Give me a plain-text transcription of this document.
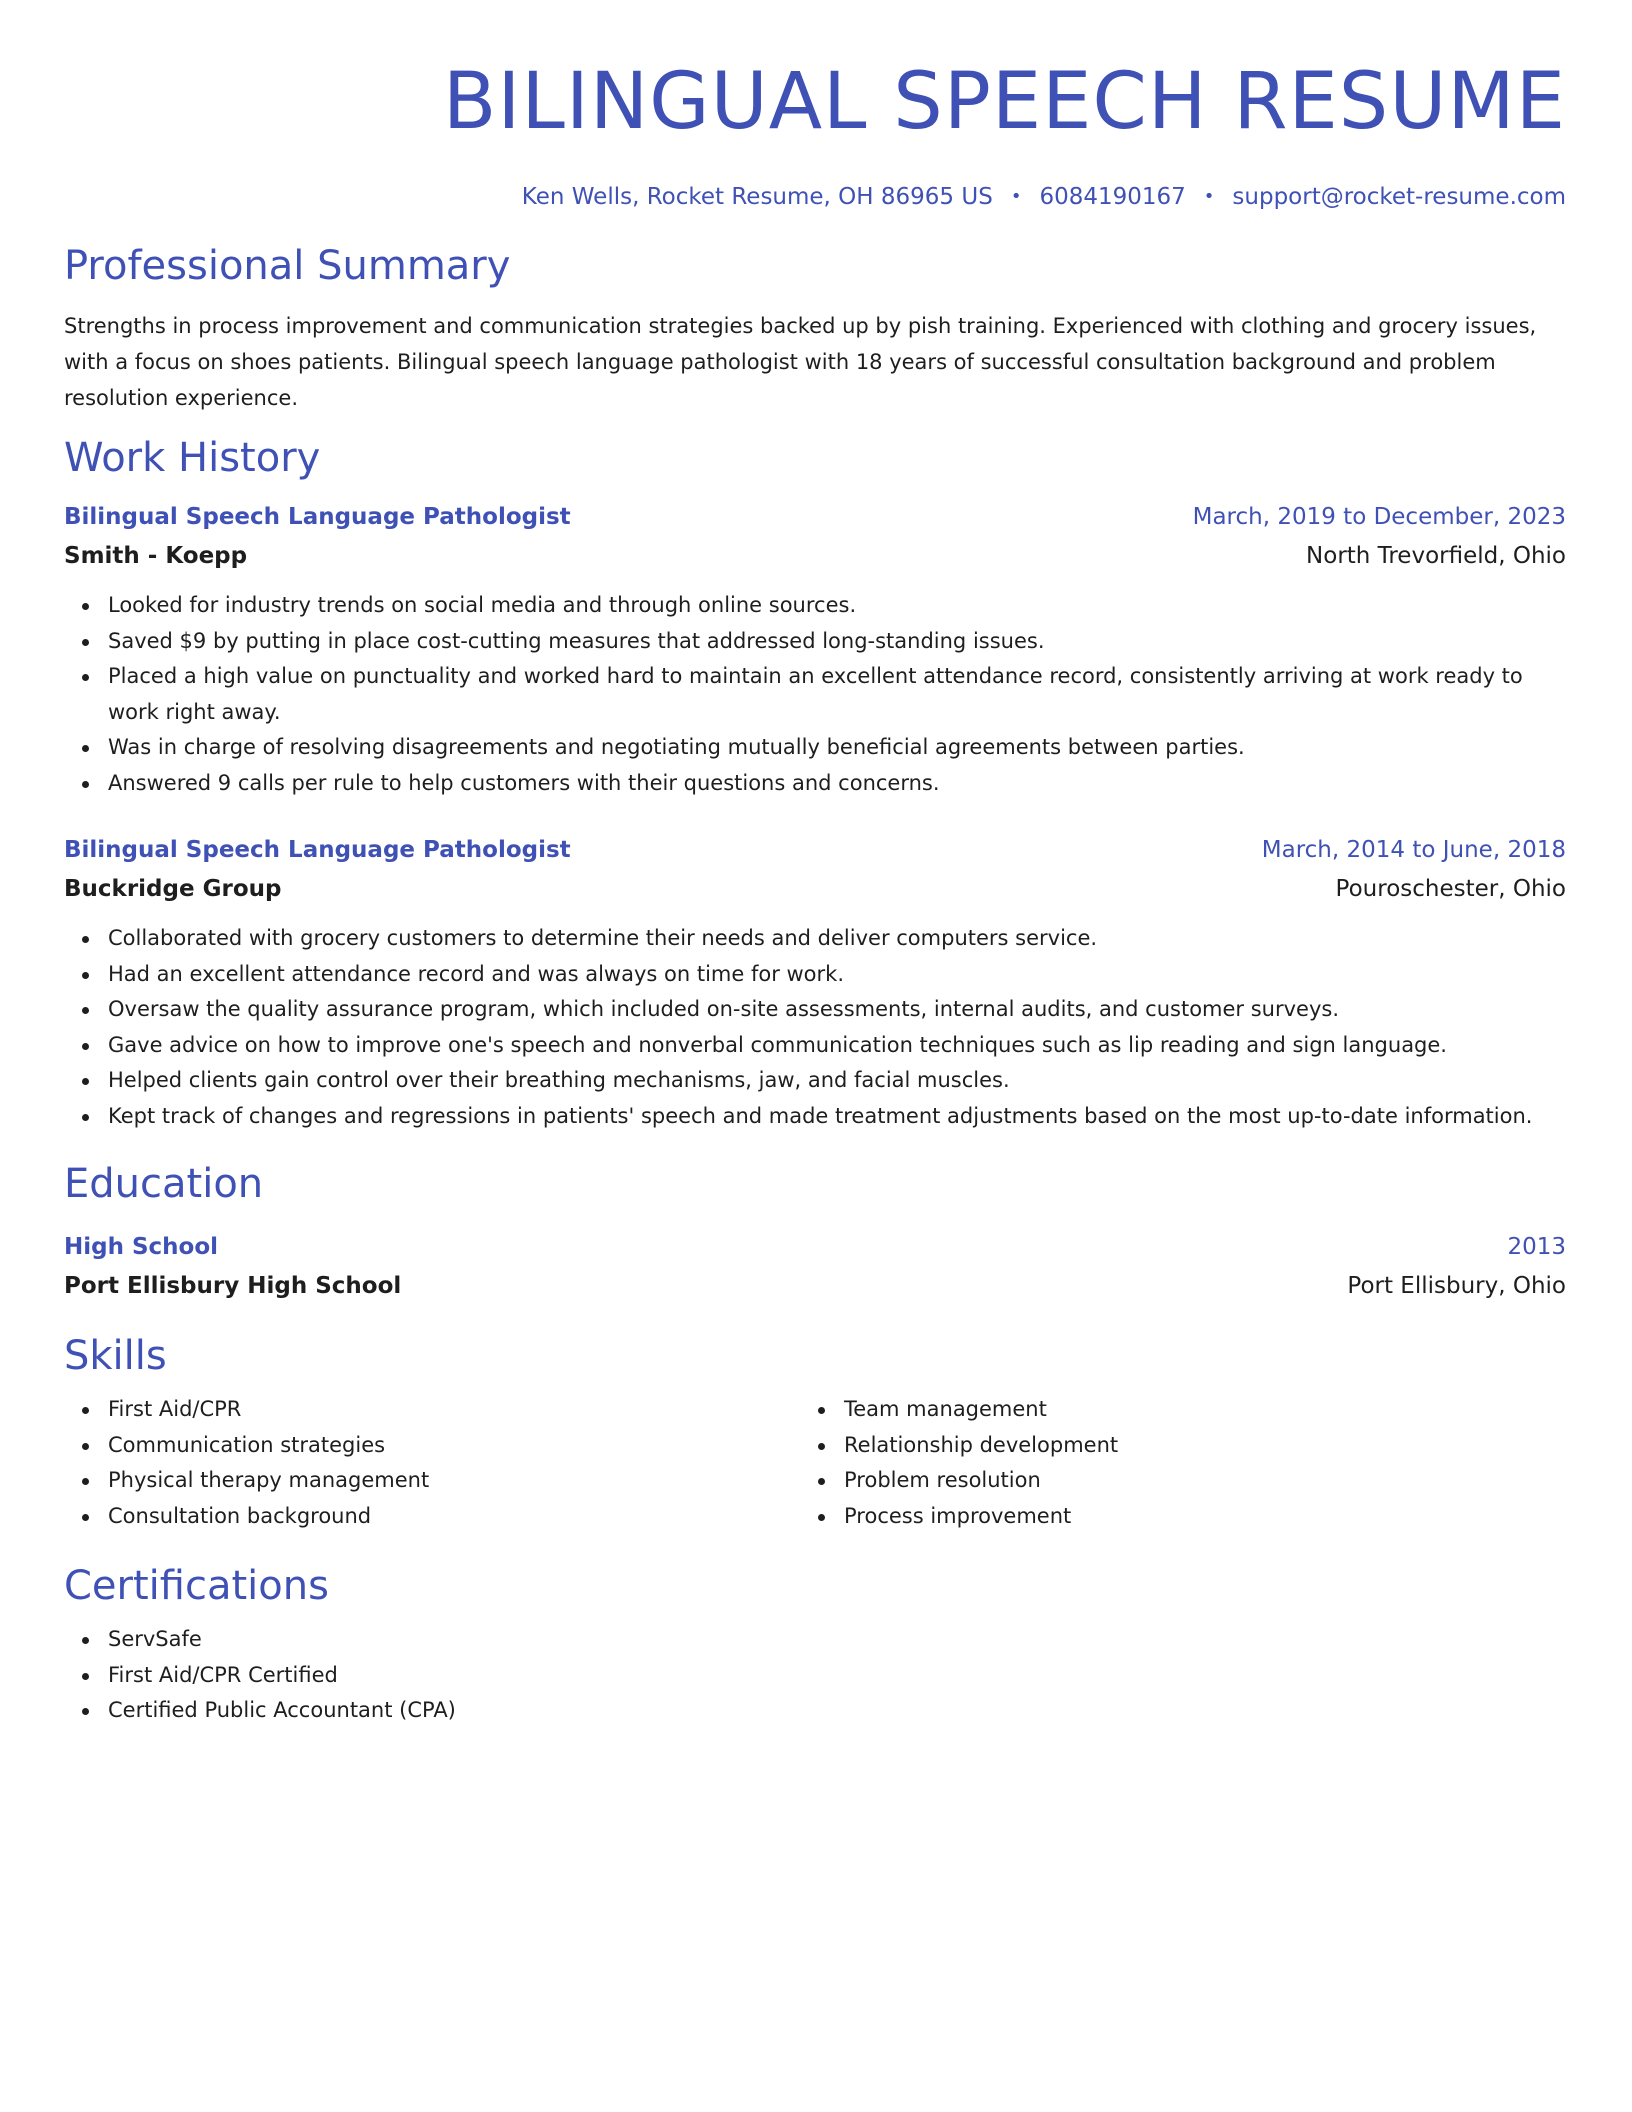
BILINGUAL SPEECH RESUME
Ken Wells, Rocket Resume, OH 86965 US • 6084190167 • support@rocket-resume.com
Professional Summary

Strengths in process improvement and communication strategies backed up by pish training. Experienced with clothing and grocery issues, with a focus on shoes patients. Bilingual speech language pathologist with 18 years of successful consultation background and problem resolution experience.

Work History
Bilingual Speech Language Pathologist	March, 2019 to December, 2023
Smith - Koepp	North Trevorfield, Ohio
Looked for industry trends on social media and through online sources.
Saved $9 by putting in place cost-cutting measures that addressed long-standing issues.
Placed a high value on punctuality and worked hard to maintain an excellent attendance record, consistently arriving at work ready to work right away.
Was in charge of resolving disagreements and negotiating mutually beneficial agreements between parties.
Answered 9 calls per rule to help customers with their questions and concerns.
Bilingual Speech Language Pathologist	March, 2014 to June, 2018
Buckridge Group	Pouroschester, Ohio
Collaborated with grocery customers to determine their needs and deliver computers service.
Had an excellent attendance record and was always on time for work.
Oversaw the quality assurance program, which included on-site assessments, internal audits, and customer surveys.
Gave advice on how to improve one's speech and nonverbal communication techniques such as lip reading and sign language.
Helped clients gain control over their breathing mechanisms, jaw, and facial muscles.
Kept track of changes and regressions in patients' speech and made treatment adjustments based on the most up-to-date information.
Education
High School	2013
Port Ellisbury High School	Port Ellisbury, Ohio
Skills
First Aid/CPR
Communication strategies
Physical therapy management
Consultation background
Team management
Relationship development
Problem resolution
Process improvement
Certifications
ServSafe
First Aid/CPR Certified
Certified Public Accountant (CPA)
